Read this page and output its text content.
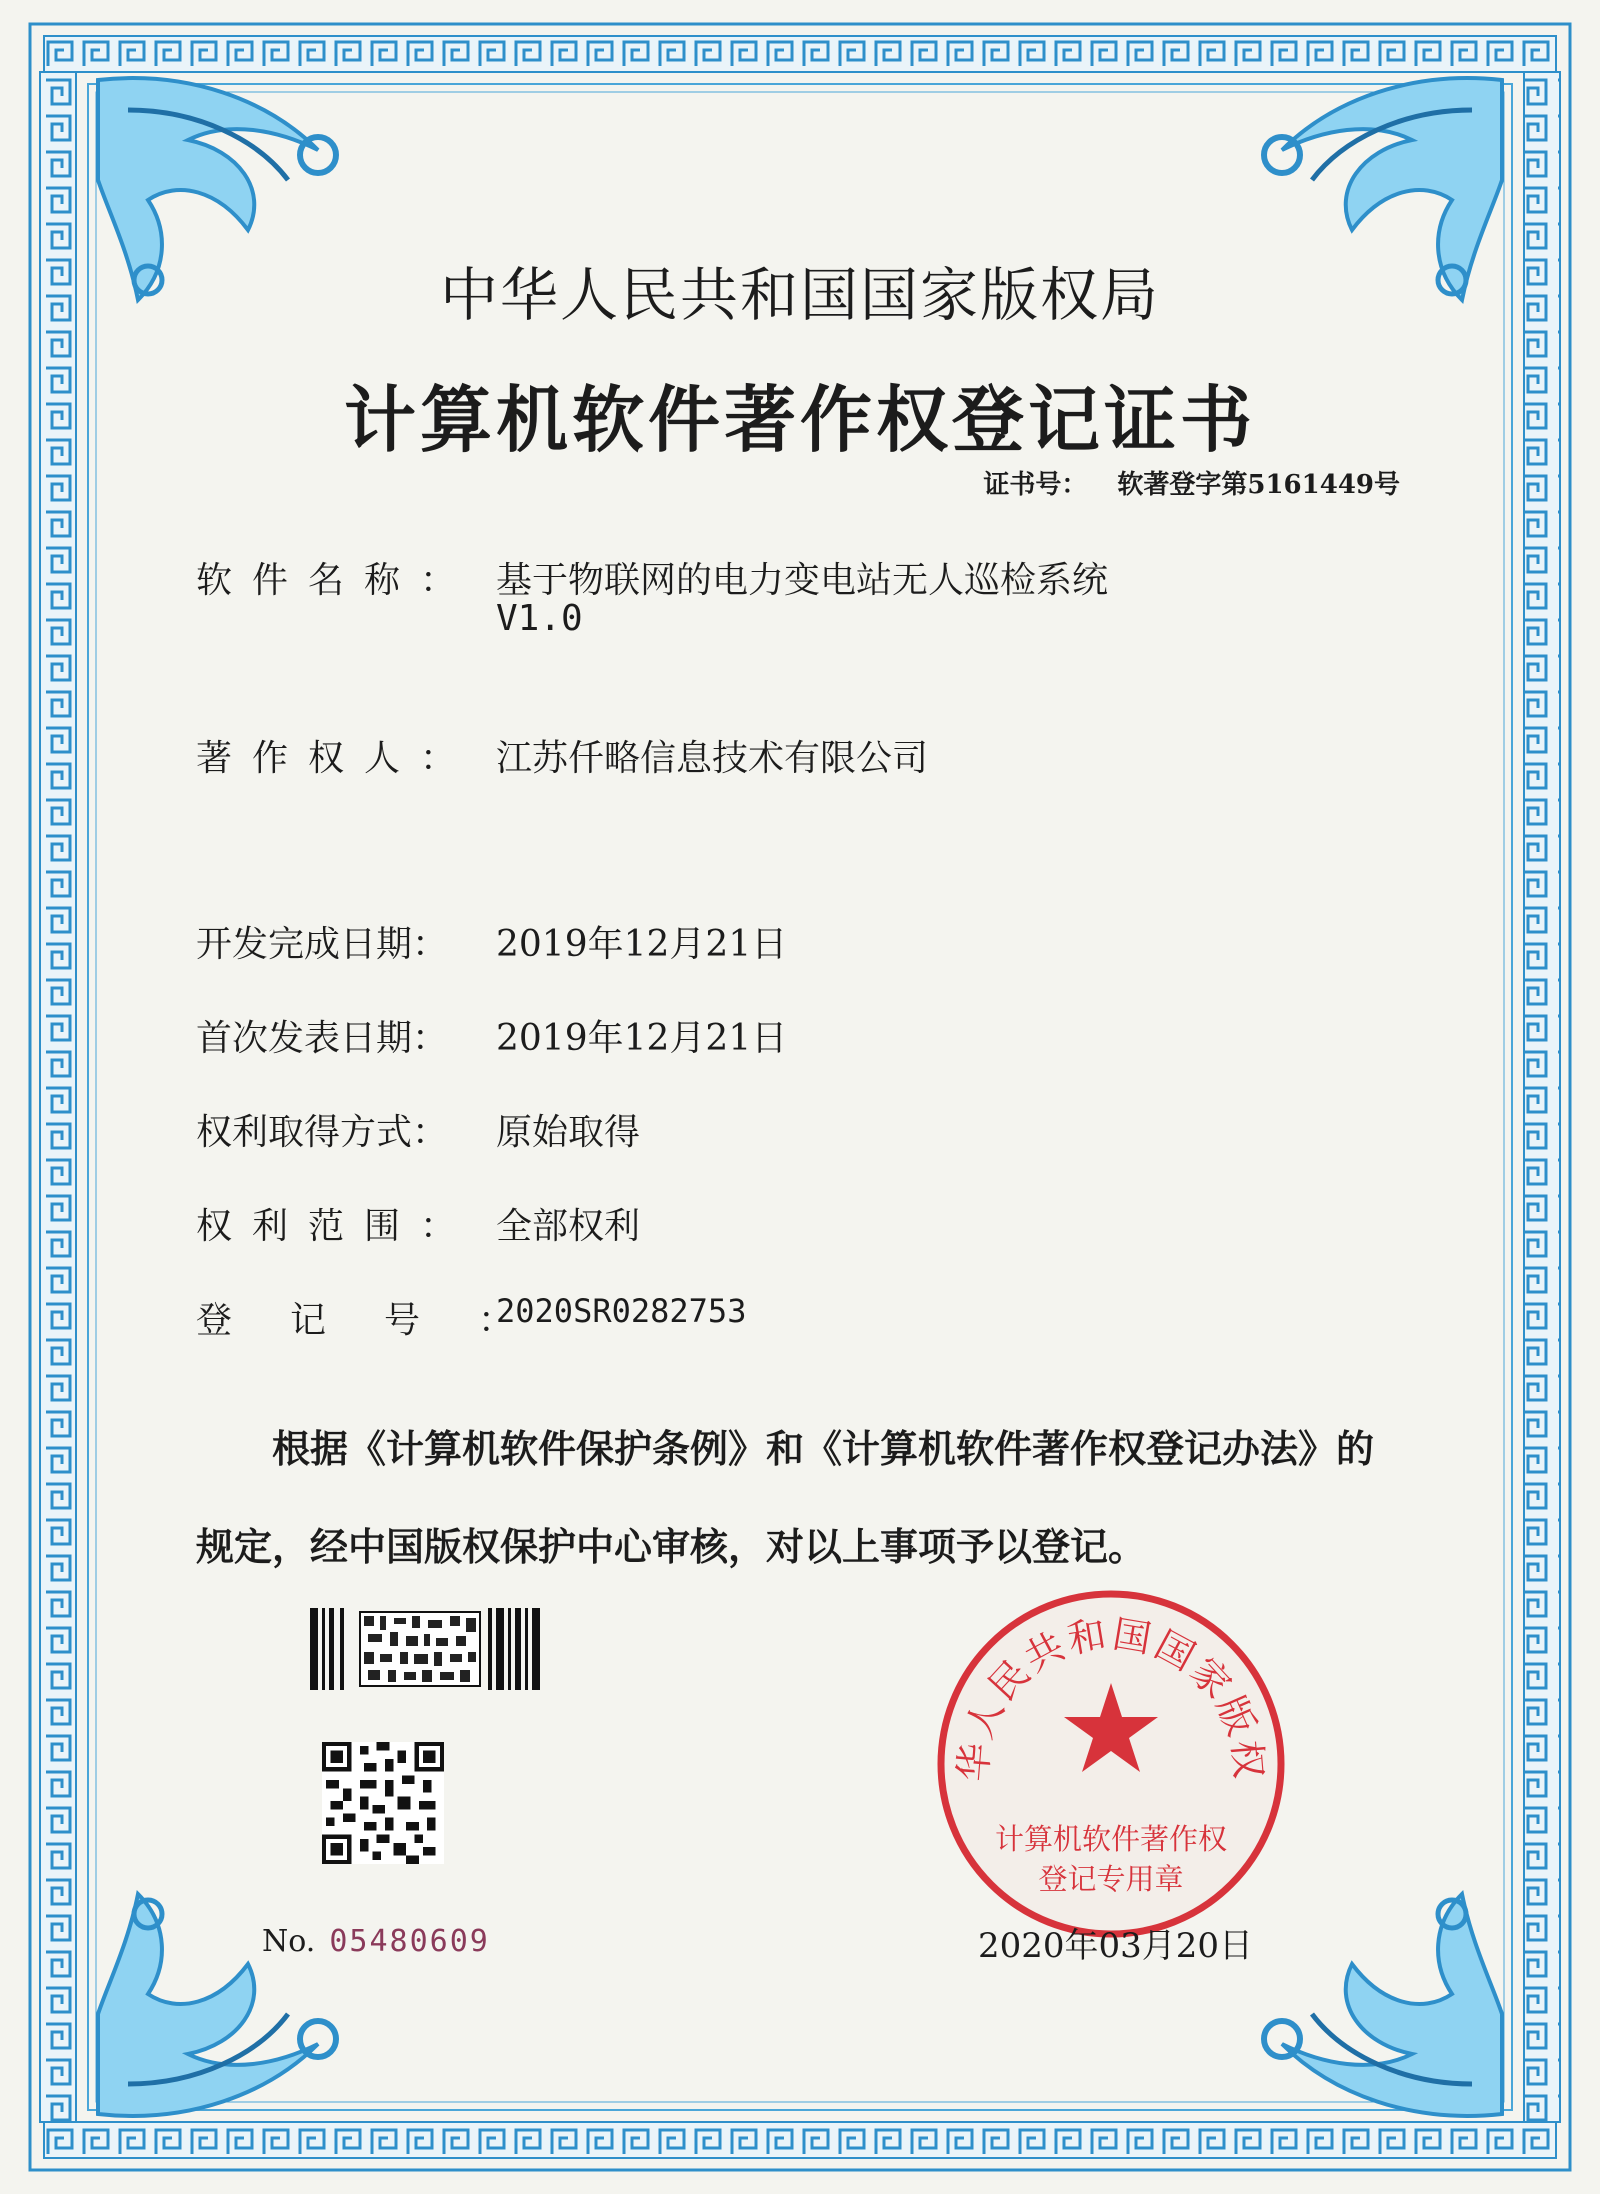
中华人民共和国国家版权局
计算机软件著作权登记证书
证书号： 软著登字第5161449号
软件名称： 基于物联网的电力变电站无人巡检系统
V1.0
著作权人： 江苏仟略信息技术有限公司
开发完成日期：	2019年12月21日
首次发表日期：	2019年12月21日
权利取得方式：	原始取得
权利范围： 全部权利
登记号：
2020SR0282753
根据《计算机软件保护条例》和《计算机软件著作权登记办法》的
规定，经中国版权保护中心审核，对以上事项予以登记。
No. 05480609
华人民共和国国家版权
计算机软件著作权
登记专用章
2020年03月20日
